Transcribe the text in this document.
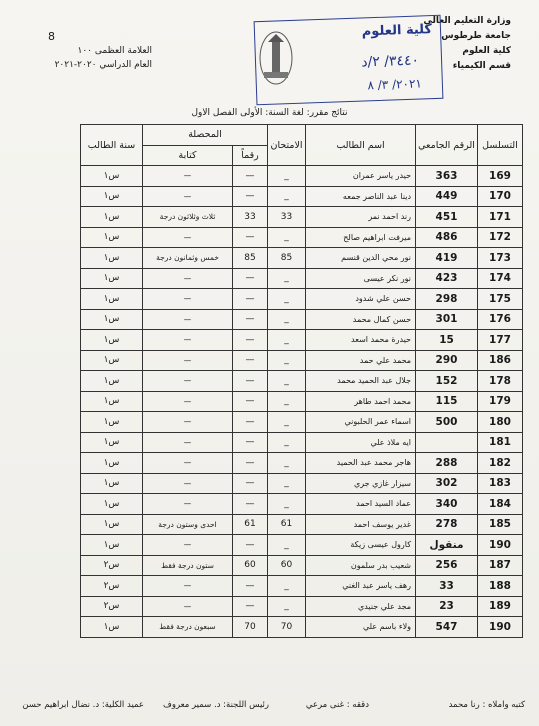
8
العلامة العظمى ١٠٠
العام الدراسي ٢٠٢٠-٢٠٢١
وزارة التعليم العالي
جامعة طرطوس
كلية العلوم
قسم الكيمياء
كلية العلوم
٣٤٤٠/ ٢/د
٢٠٢١/ ٣/ ٨
نتائج مقرر: لغة السنة: الأولى الفصل الاول
التسلسل	الرقم الجامعي	اسم الطالب	الامتحان	المحصلة		سنة الطالب
				رقماً	كتابة	
169	363	حيدر ياسر عمران	_	—	—	س١
170	449	دينا عبد الناصر جمعه	_	—	—	س١
171	451	رند احمد نمر	33	33	ثلاث وثلاثون درجة	س١
172	486	ميرفت ابراهيم صالح	_	—	—	س١
173	419	نور محي الدين قنسم	85	85	خمس وثمانون درجة	س١
174	423	نور نكر عيسى	_	—	—	س١
175	298	حسن علي شدود	_	—	—	س١
176	301	حسن كمال محمد	_	—	—	س١
177	15	حيدرة محمد اسعد	_	—	—	س١
186	290	محمد علي حمد	_	—	—	س١
178	152	جلال عبد الحميد محمد	_	—	—	س١
179	115	محمد احمد طاهر	_	—	—	س١
180	500	اسماء عمر الحلبوني	_	—	—	س١
181		ايه ملاذ علي	_	—	—	س١
182	288	هاجر محمد عبد الحميد	_	—	—	س١
183	302	سيزار غازي جري	_	—	—	س١
184	340	عماد السيد احمد	_	—	—	س١
185	278	غدير يوسف احمد	61	61	احدى وستون درجة	س١
190	منقول	كارول عيسى زيكة	_	—	—	س١
187	256	شعيب بدر سلمون	60	60	ستون درجة فقط	س٢
188	33	رهف ياسر عبد الغني	_	—	—	س٢
189	23	مجد علي جنيدي	_	—	—	س٢
190	547	ولاء باسم علي	70	70	سبعون درجة فقط	س١
كتبه واملاه : رنا محمد
دققه : غنى مرعي
رئيس اللجنة: د. سمير معروف
عميد الكلية: د. نضال ابراهيم حسن
